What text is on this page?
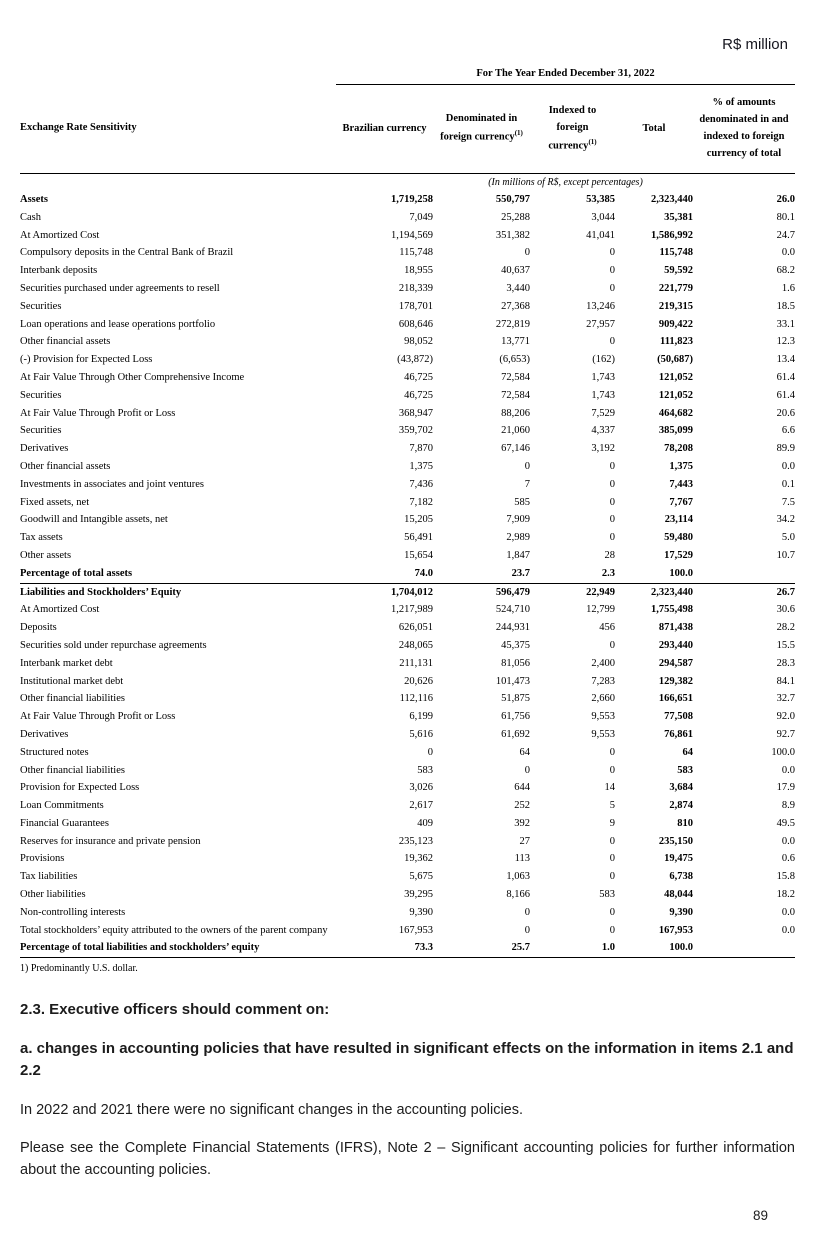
R$ million
	For The Year Ended December 31, 2022				
Exchange Rate Sensitivity	Brazilian currency	Denominated in foreign currency$^{(1)}$	Indexed to foreign currency$^{(1)}$	Total	% of amounts denominated in and indexed to foreign currency of total
	(In millions of R$, except percentages)				
Assets	1,719,258	550,797	53,385	2,323,440	26.0
Cash	7,049	25,288	3,044	35,381	80.1
At Amortized Cost	1,194,569	351,382	41,041	1,586,992	24.7
Compulsory deposits in the Central Bank of Brazil	115,748	0	0	115,748	0.0
Interbank deposits	18,955	40,637	0	59,592	68.2
Securities purchased under agreements to resell	218,339	3,440	0	221,779	1.6
Securities	178,701	27,368	13,246	219,315	18.5
Loan operations and lease operations portfolio	608,646	272,819	27,957	909,422	33.1
Other financial assets	98,052	13,771	0	111,823	12.3
(-) Provision for Expected Loss	(43,872)	(6,653)	(162)	(50,687)	13.4
At Fair Value Through Other Comprehensive Income	46,725	72,584	1,743	121,052	61.4
Securities	46,725	72,584	1,743	121,052	61.4
At Fair Value Through Profit or Loss	368,947	88,206	7,529	464,682	20.6
Securities	359,702	21,060	4,337	385,099	6.6
Derivatives	7,870	67,146	3,192	78,208	89.9
Other financial assets	1,375	0	0	1,375	0.0
Investments in associates and joint ventures	7,436	7	0	7,443	0.1
Fixed assets, net	7,182	585	0	7,767	7.5
Goodwill and Intangible assets, net	15,205	7,909	0	23,114	34.2
Tax assets	56,491	2,989	0	59,480	5.0
Other assets	15,654	1,847	28	17,529	10.7
Percentage of total assets	74.0	23.7	2.3	100.0	
Liabilities and Stockholders’ Equity	1,704,012	596,479	22,949	2,323,440	26.7
At Amortized Cost	1,217,989	524,710	12,799	1,755,498	30.6
Deposits	626,051	244,931	456	871,438	28.2
Securities sold under repurchase agreements	248,065	45,375	0	293,440	15.5
Interbank market debt	211,131	81,056	2,400	294,587	28.3
Institutional market debt	20,626	101,473	7,283	129,382	84.1
Other financial liabilities	112,116	51,875	2,660	166,651	32.7
At Fair Value Through Profit or Loss	6,199	61,756	9,553	77,508	92.0
Derivatives	5,616	61,692	9,553	76,861	92.7
Structured notes	0	64	0	64	100.0
Other financial liabilities	583	0	0	583	0.0
Provision for Expected Loss	3,026	644	14	3,684	17.9
Loan Commitments	2,617	252	5	2,874	8.9
Financial Guarantees	409	392	9	810	49.5
Reserves for insurance and private pension	235,123	27	0	235,150	0.0
Provisions	19,362	113	0	19,475	0.6
Tax liabilities	5,675	1,063	0	6,738	15.8
Other liabilities	39,295	8,166	583	48,044	18.2
Non-controlling interests	9,390	0	0	9,390	0.0
Total stockholders’ equity attributed to the owners of the parent company	167,953	0	0	167,953	0.0
Percentage of total liabilities and stockholders’ equity	73.3	25.7	1.0	100.0	
1) Predominantly U.S. dollar.

2.3. Executive officers should comment on:

a. changes in accounting policies that have resulted in significant effects on the information in items 2.1 and 2.2

In 2022 and 2021 there were no significant changes in the accounting policies.

Please see the Complete Financial Statements (IFRS), Note 2 – Significant accounting policies for further information about the accounting policies.

89
